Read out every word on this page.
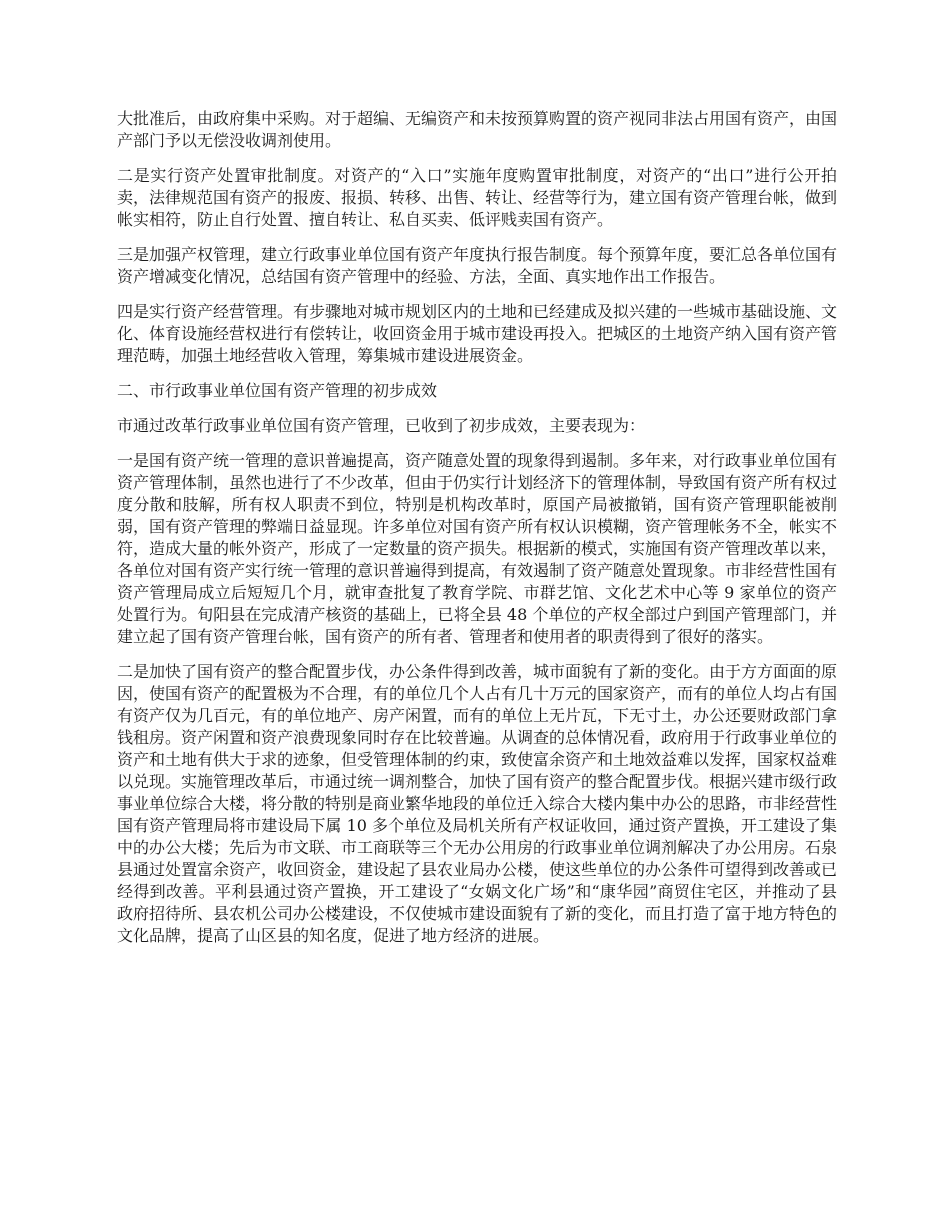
大批准后，由政府集中采购。对于超编、无编资产和未按预算购置的资产视同非法占用国有资产，由国产部门予以无偿没收调剂使用。

二是实行资产处置审批制度。对资产的“入口”实施年度购置审批制度，对资产的“出口”进行公开拍卖，法律规范国有资产的报废、报损、转移、出售、转让、经营等行为，建立国有资产管理台帐，做到帐实相符，防止自行处置、擅自转让、私自买卖、低评贱卖国有资产。

三是加强产权管理，建立行政事业单位国有资产年度执行报告制度。每个预算年度，要汇总各单位国有资产增减变化情况，总结国有资产管理中的经验、方法，全面、真实地作出工作报告。

四是实行资产经营管理。有步骤地对城市规划区内的土地和已经建成及拟兴建的一些城市基础设施、文化、体育设施经营权进行有偿转让，收回资金用于城市建设再投入。把城区的土地资产纳入国有资产管理范畴，加强土地经营收入管理，筹集城市建设进展资金。

二、市行政事业单位国有资产管理的初步成效

市通过改革行政事业单位国有资产管理，已收到了初步成效，主要表现为：

一是国有资产统一管理的意识普遍提高，资产随意处置的现象得到遏制。多年来，对行政事业单位国有资产管理体制，虽然也进行了不少改革，但由于仍实行计划经济下的管理体制，导致国有资产所有权过度分散和肢解，所有权人职责不到位，特别是机构改革时，原国产局被撤销，国有资产管理职能被削弱，国有资产管理的弊端日益显现。许多单位对国有资产所有权认识模糊，资产管理帐务不全，帐实不符，造成大量的帐外资产，形成了一定数量的资产损失。根据新的模式，实施国有资产管理改革以来，各单位对国有资产实行统一管理的意识普遍得到提高，有效遏制了资产随意处置现象。市非经营性国有资产管理局成立后短短几个月，就审查批复了教育学院、市群艺馆、文化艺术中心等 9 家单位的资产处置行为。旬阳县在完成清产核资的基础上，已将全县 48 个单位的产权全部过户到国产管理部门，并建立起了国有资产管理台帐，国有资产的所有者、管理者和使用者的职责得到了很好的落实。

二是加快了国有资产的整合配置步伐，办公条件得到改善，城市面貌有了新的变化。由于方方面面的原因，使国有资产的配置极为不合理，有的单位几个人占有几十万元的国家资产，而有的单位人均占有国有资产仅为几百元，有的单位地产、房产闲置，而有的单位上无片瓦，下无寸土，办公还要财政部门拿钱租房。资产闲置和资产浪费现象同时存在比较普遍。从调查的总体情况看，政府用于行政事业单位的资产和土地有供大于求的迹象，但受管理体制的约束，致使富余资产和土地效益难以发挥，国家权益难以兑现。实施管理改革后，市通过统一调剂整合，加快了国有资产的整合配置步伐。根据兴建市级行政事业单位综合大楼，将分散的特别是商业繁华地段的单位迁入综合大楼内集中办公的思路，市非经营性国有资产管理局将市建设局下属 10 多个单位及局机关所有产权证收回，通过资产置换，开工建设了集中的办公大楼；先后为市文联、市工商联等三个无办公用房的行政事业单位调剂解决了办公用房。石泉县通过处置富余资产，收回资金，建设起了县农业局办公楼，使这些单位的办公条件可望得到改善或已经得到改善。平利县通过资产置换，开工建设了“女娲文化广场”和“康华园”商贸住宅区，并推动了县政府招待所、县农机公司办公楼建设，不仅使城市建设面貌有了新的变化，而且打造了富于地方特色的文化品牌，提高了山区县的知名度，促进了地方经济的进展。
